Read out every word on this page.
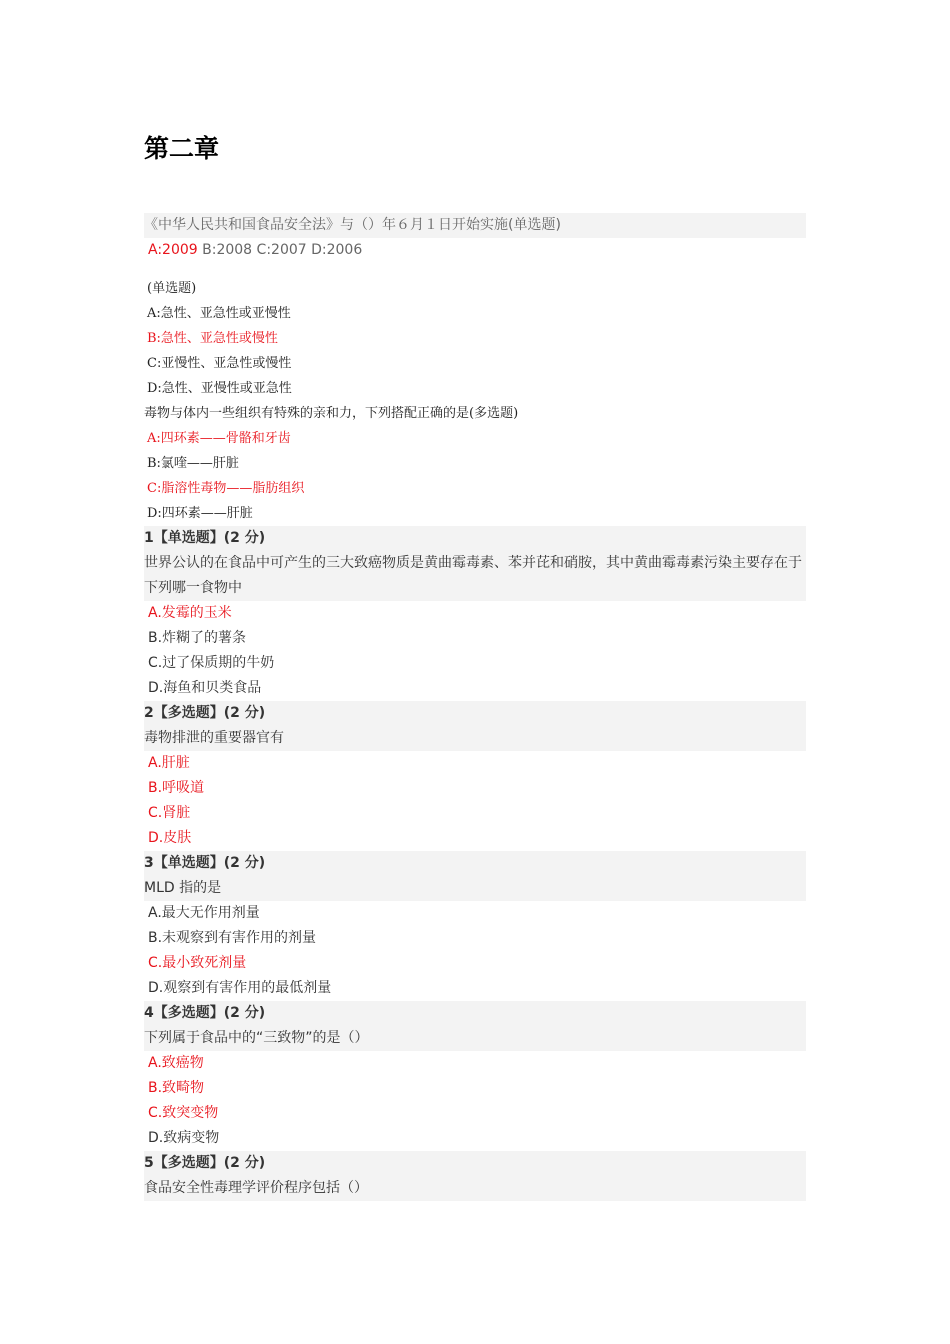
第二章
《中华人民共和国食品安全法》与（）年６月１日开始实施(单选题)
A:2009 B:2008 C:2007 D:2006
(单选题)
A:急性、亚急性或亚慢性
B:急性、亚急性或慢性
C:亚慢性、亚急性或慢性
D:急性、亚慢性或亚急性
毒物与体内一些组织有特殊的亲和力，下列搭配正确的是(多选题)
A:四环素——骨骼和牙齿
B:氯喹——肝脏
C:脂溶性毒物——脂肪组织
D:四环素——肝脏
1【单选题】(2 分)
世界公认的在食品中可产生的三大致癌物质是黄曲霉毒素、苯并芘和硝胺，其中黄曲霉毒素污染主要存在于下列哪一食物中
A.发霉的玉米
B.炸糊了的薯条
C.过了保质期的牛奶
D.海鱼和贝类食品
2【多选题】(2 分)
毒物排泄的重要器官有
A.肝脏
B.呼吸道
C.肾脏
D.皮肤
3【单选题】(2 分)
MLD 指的是
A.最大无作用剂量
B.未观察到有害作用的剂量
C.最小致死剂量
D.观察到有害作用的最低剂量
4【多选题】(2 分)
下列属于食品中的“三致物”的是（）
A.致癌物
B.致畸物
C.致突变物
D.致病变物
5【多选题】(2 分)
食品安全性毒理学评价程序包括（）
